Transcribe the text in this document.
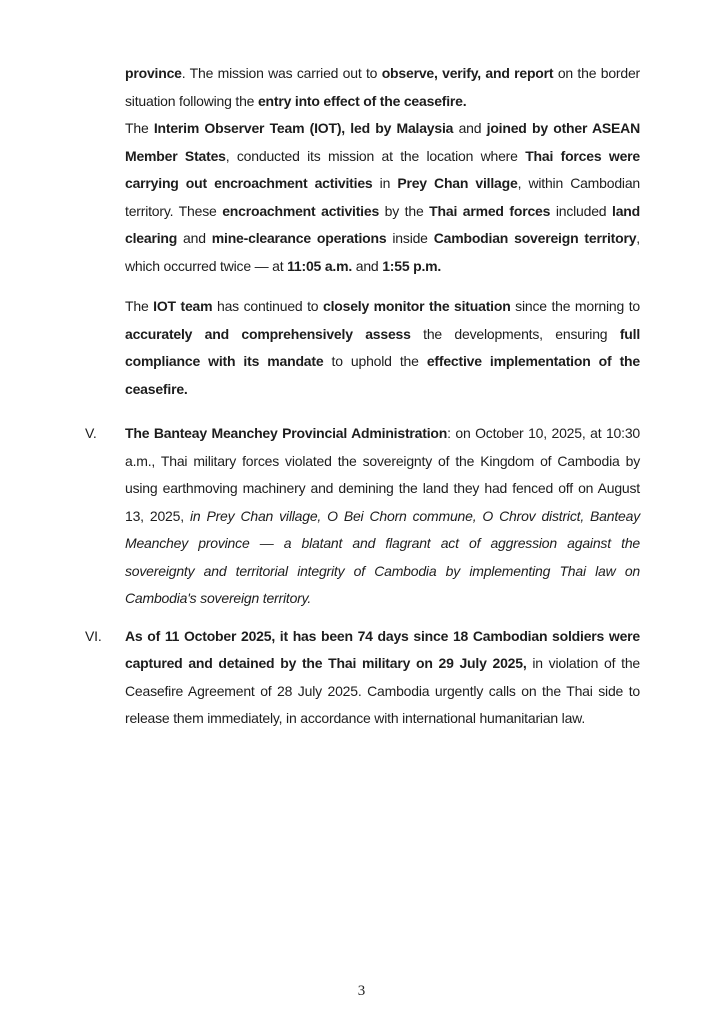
province. The mission was carried out to observe, verify, and report on the border situation following the entry into effect of the ceasefire.

The Interim Observer Team (IOT), led by Malaysia and joined by other ASEAN Member States, conducted its mission at the location where Thai forces were carrying out encroachment activities in Prey Chan village, within Cambodian territory. These encroachment activities by the Thai armed forces included land clearing and mine-clearance operations inside Cambodian sovereign territory, which occurred twice — at 11:05 a.m. and 1:55 p.m.

The IOT team has continued to closely monitor the situation since the morning to accurately and comprehensively assess the developments, ensuring full compliance with its mandate to uphold the effective implementation of the ceasefire.

V.	The Banteay Meanchey Provincial Administration: on October 10, 2025, at 10:30 a.m., Thai military forces violated the sovereignty of the Kingdom of Cambodia by using earthmoving machinery and demining the land they had fenced off on August 13, 2025, in Prey Chan village, O Bei Chorn commune, O Chrov district, Banteay Meanchey province — a blatant and flagrant act of aggression against the sovereignty and territorial integrity of Cambodia by implementing Thai law on Cambodia's sovereign territory.

VI.	As of 11 October 2025, it has been 74 days since 18 Cambodian soldiers were captured and detained by the Thai military on 29 July 2025, in violation of the Ceasefire Agreement of 28 July 2025. Cambodia urgently calls on the Thai side to release them immediately, in accordance with international humanitarian law.

3
